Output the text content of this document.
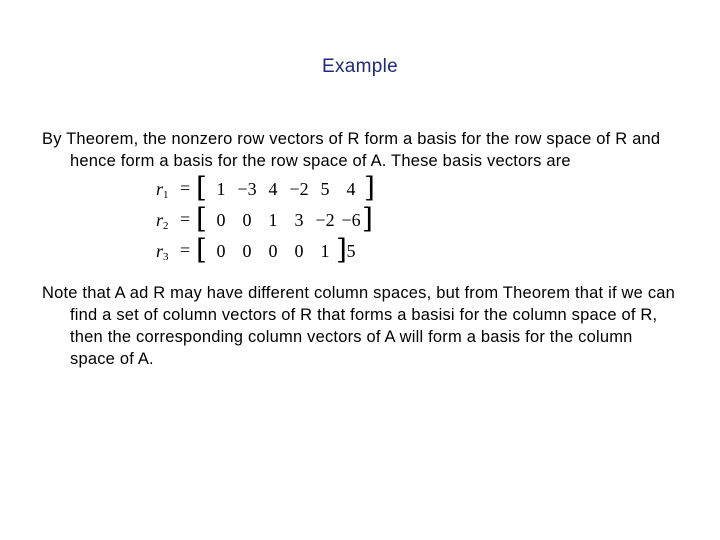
Example
By Theorem, the nonzero row vectors of R form a basis for the row space of R and hence form a basis for the row space of A. These basis vectors are
$r_1$ = [ 1 −3 4 −2 5 4 ]
$r_2$ = [ 0 0 1 3 −2 −6 ]
$r_3$ = [ 0 0 0 0 1 5
]
Note that A ad R may have different column spaces, but from Theorem that if we can find a set of column vectors of R that forms a basisi for the column space of R, then the corresponding column vectors of A will form a basis for the column space of A.
